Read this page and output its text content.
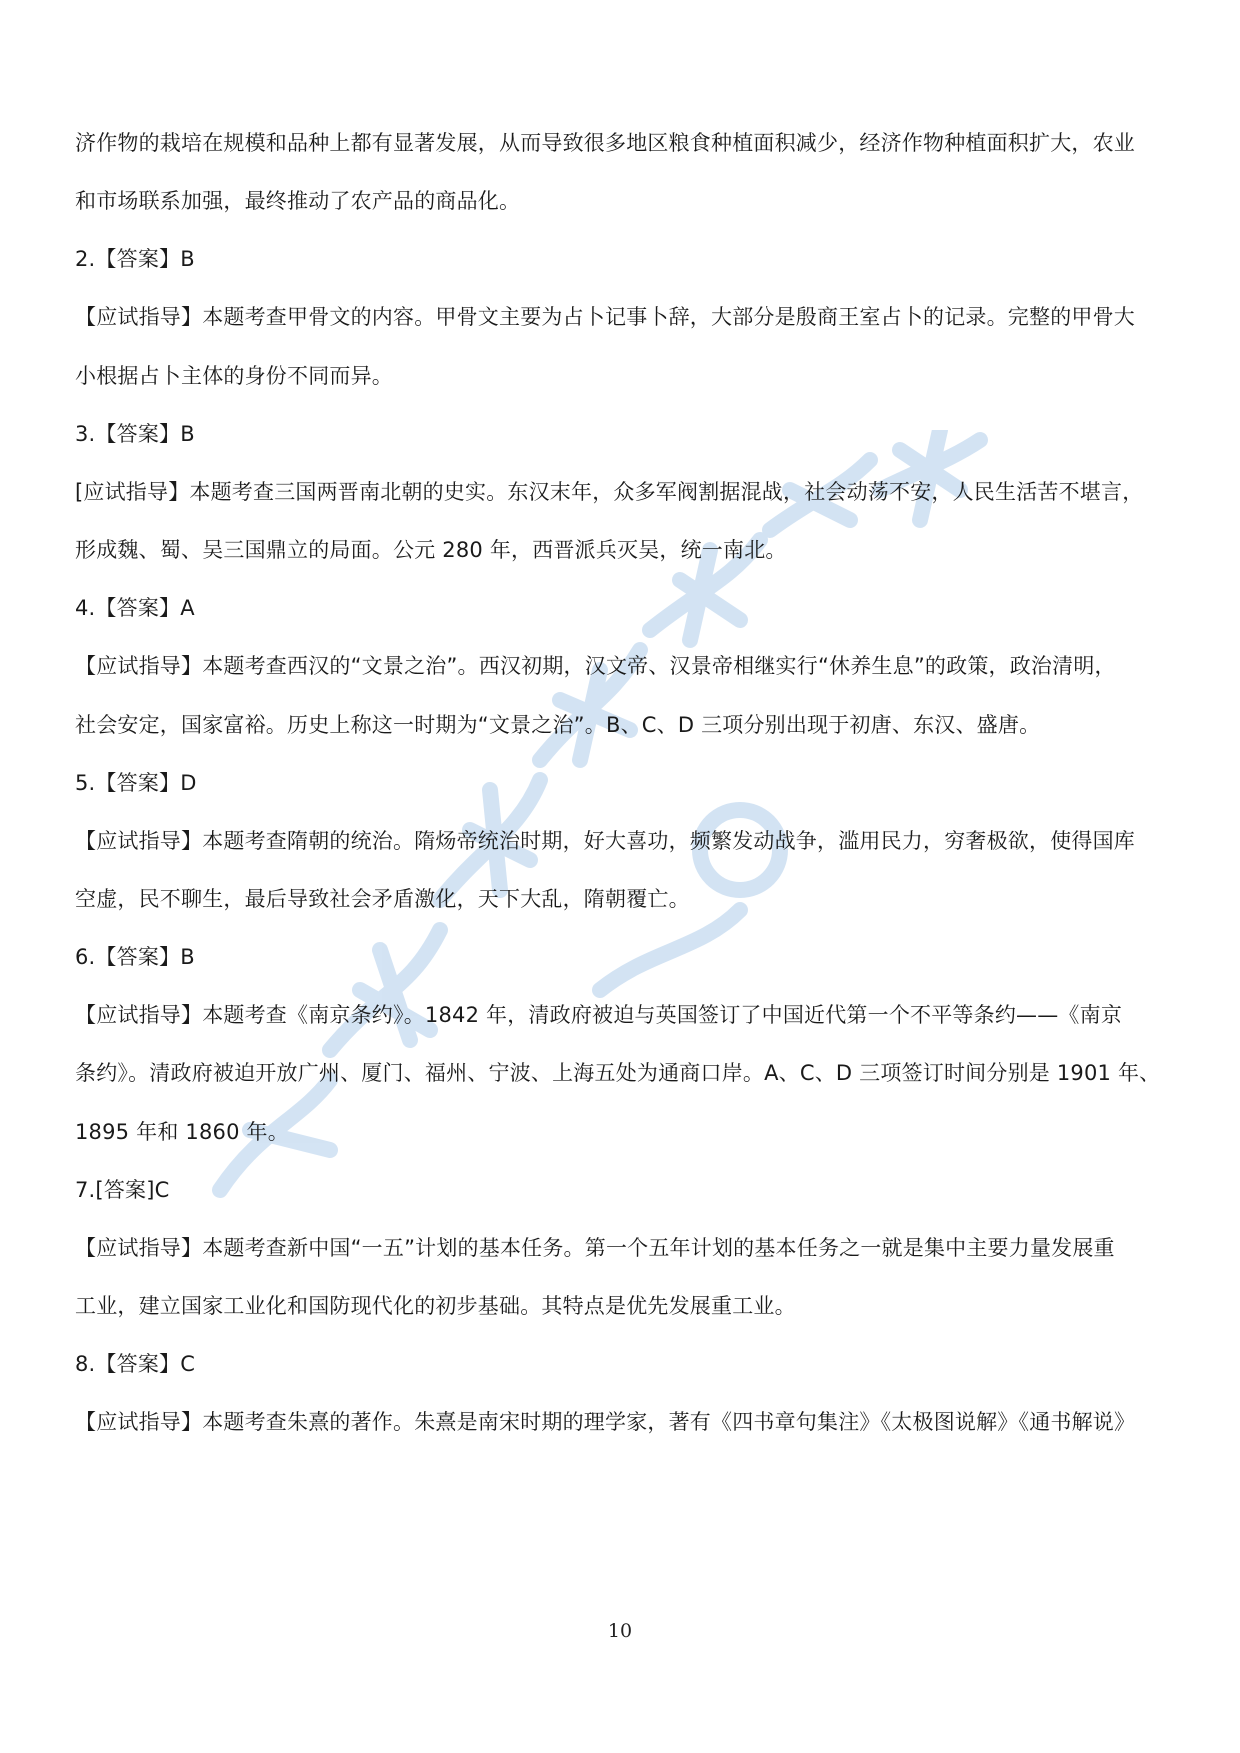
济作物的栽培在规模和品种上都有显著发展，从而导致很多地区粮食种植面积减少，经济作物种植面积扩大，农业
和市场联系加强，最终推动了农产品的商品化。
2.【答案】B
【应试指导】本题考查甲骨文的内容。甲骨文主要为占卜记事卜辞，大部分是殷商王室占卜的记录。完整的甲骨大
小根据占卜主体的身份不同而异。
3.【答案】B
[应试指导】本题考查三国两晋南北朝的史实。东汉末年，众多军阀割据混战，社会动荡不安，人民生活苦不堪言，
形成魏、蜀、吴三国鼎立的局面。公元 280 年，西晋派兵灭吴，统一南北。
4.【答案】A
【应试指导】本题考查西汉的“文景之治”。西汉初期，汉文帝、汉景帝相继实行“休养生息”的政策，政治清明，
社会安定，国家富裕。历史上称这一时期为“文景之治”。B、C、D 三项分别出现于初唐、东汉、盛唐。
5.【答案】D
【应试指导】本题考查隋朝的统治。隋炀帝统治时期，好大喜功，频繁发动战争，滥用民力，穷奢极欲，使得国库
空虚，民不聊生，最后导致社会矛盾激化，天下大乱，隋朝覆亡。
6.【答案】B
【应试指导】本题考查《南京条约》。1842 年，清政府被迫与英国签订了中国近代第一个不平等条约——《南京
条约》。清政府被迫开放广州、厦门、福州、宁波、上海五处为通商口岸。A、C、D 三项签订时间分别是 1901 年、
1895 年和 1860 年。
7.[答案]C
【应试指导】本题考查新中国“一五”计划的基本任务。第一个五年计划的基本任务之一就是集中主要力量发展重
工业，建立国家工业化和国防现代化的初步基础。其特点是优先发展重工业。
8.【答案】C
【应试指导】本题考查朱熹的著作。朱熹是南宋时期的理学家，著有《四书章句集注》《太极图说解》《通书解说》
10
